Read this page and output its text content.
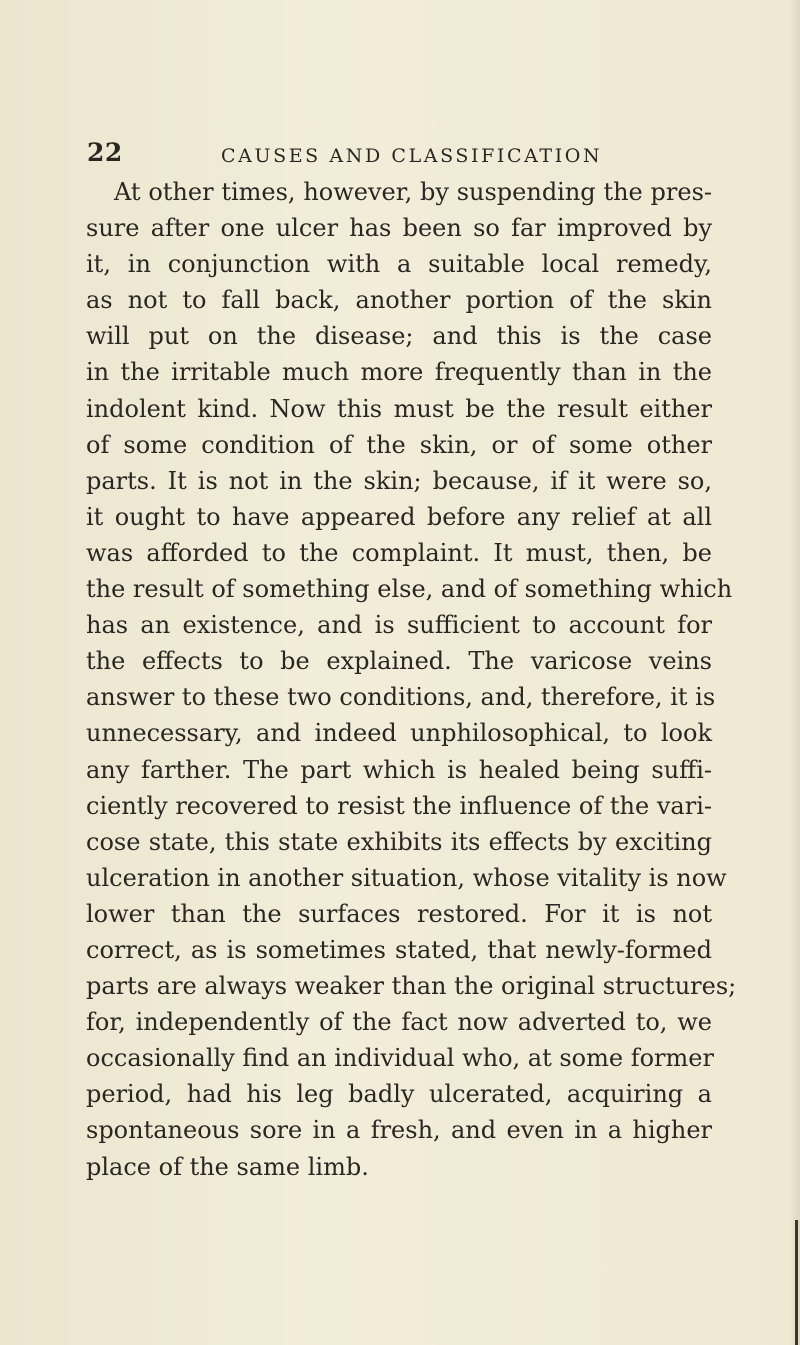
22	CAUSES AND CLASSIFICATION
At other times, however, by suspending the pres-
sure after one ulcer has been so far improved by
it, in conjunction with a suitable local remedy,
as not to fall back, another portion of the skin
will put on the disease; and this is the case
in the irritable much more frequently than in the
indolent kind. Now this must be the result either
of some condition of the skin, or of some other
parts. It is not in the skin; because, if it were so,
it ought to have appeared before any relief at all
was afforded to the complaint. It must, then, be
the result of something else, and of something which
has an existence, and is sufficient to account for
the effects to be explained. The varicose veins
answer to these two conditions, and, therefore, it is
unnecessary, and indeed unphilosophical, to look
any farther. The part which is healed being suffi-
ciently recovered to resist the influence of the vari-
cose state, this state exhibits its effects by exciting
ulceration in another situation, whose vitality is now
lower than the surfaces restored. For it is not
correct, as is sometimes stated, that newly-formed
parts are always weaker than the original structures;
for, independently of the fact now adverted to, we
occasionally find an individual who, at some former
period, had his leg badly ulcerated, acquiring a
spontaneous sore in a fresh, and even in a higher
place of the same limb.
